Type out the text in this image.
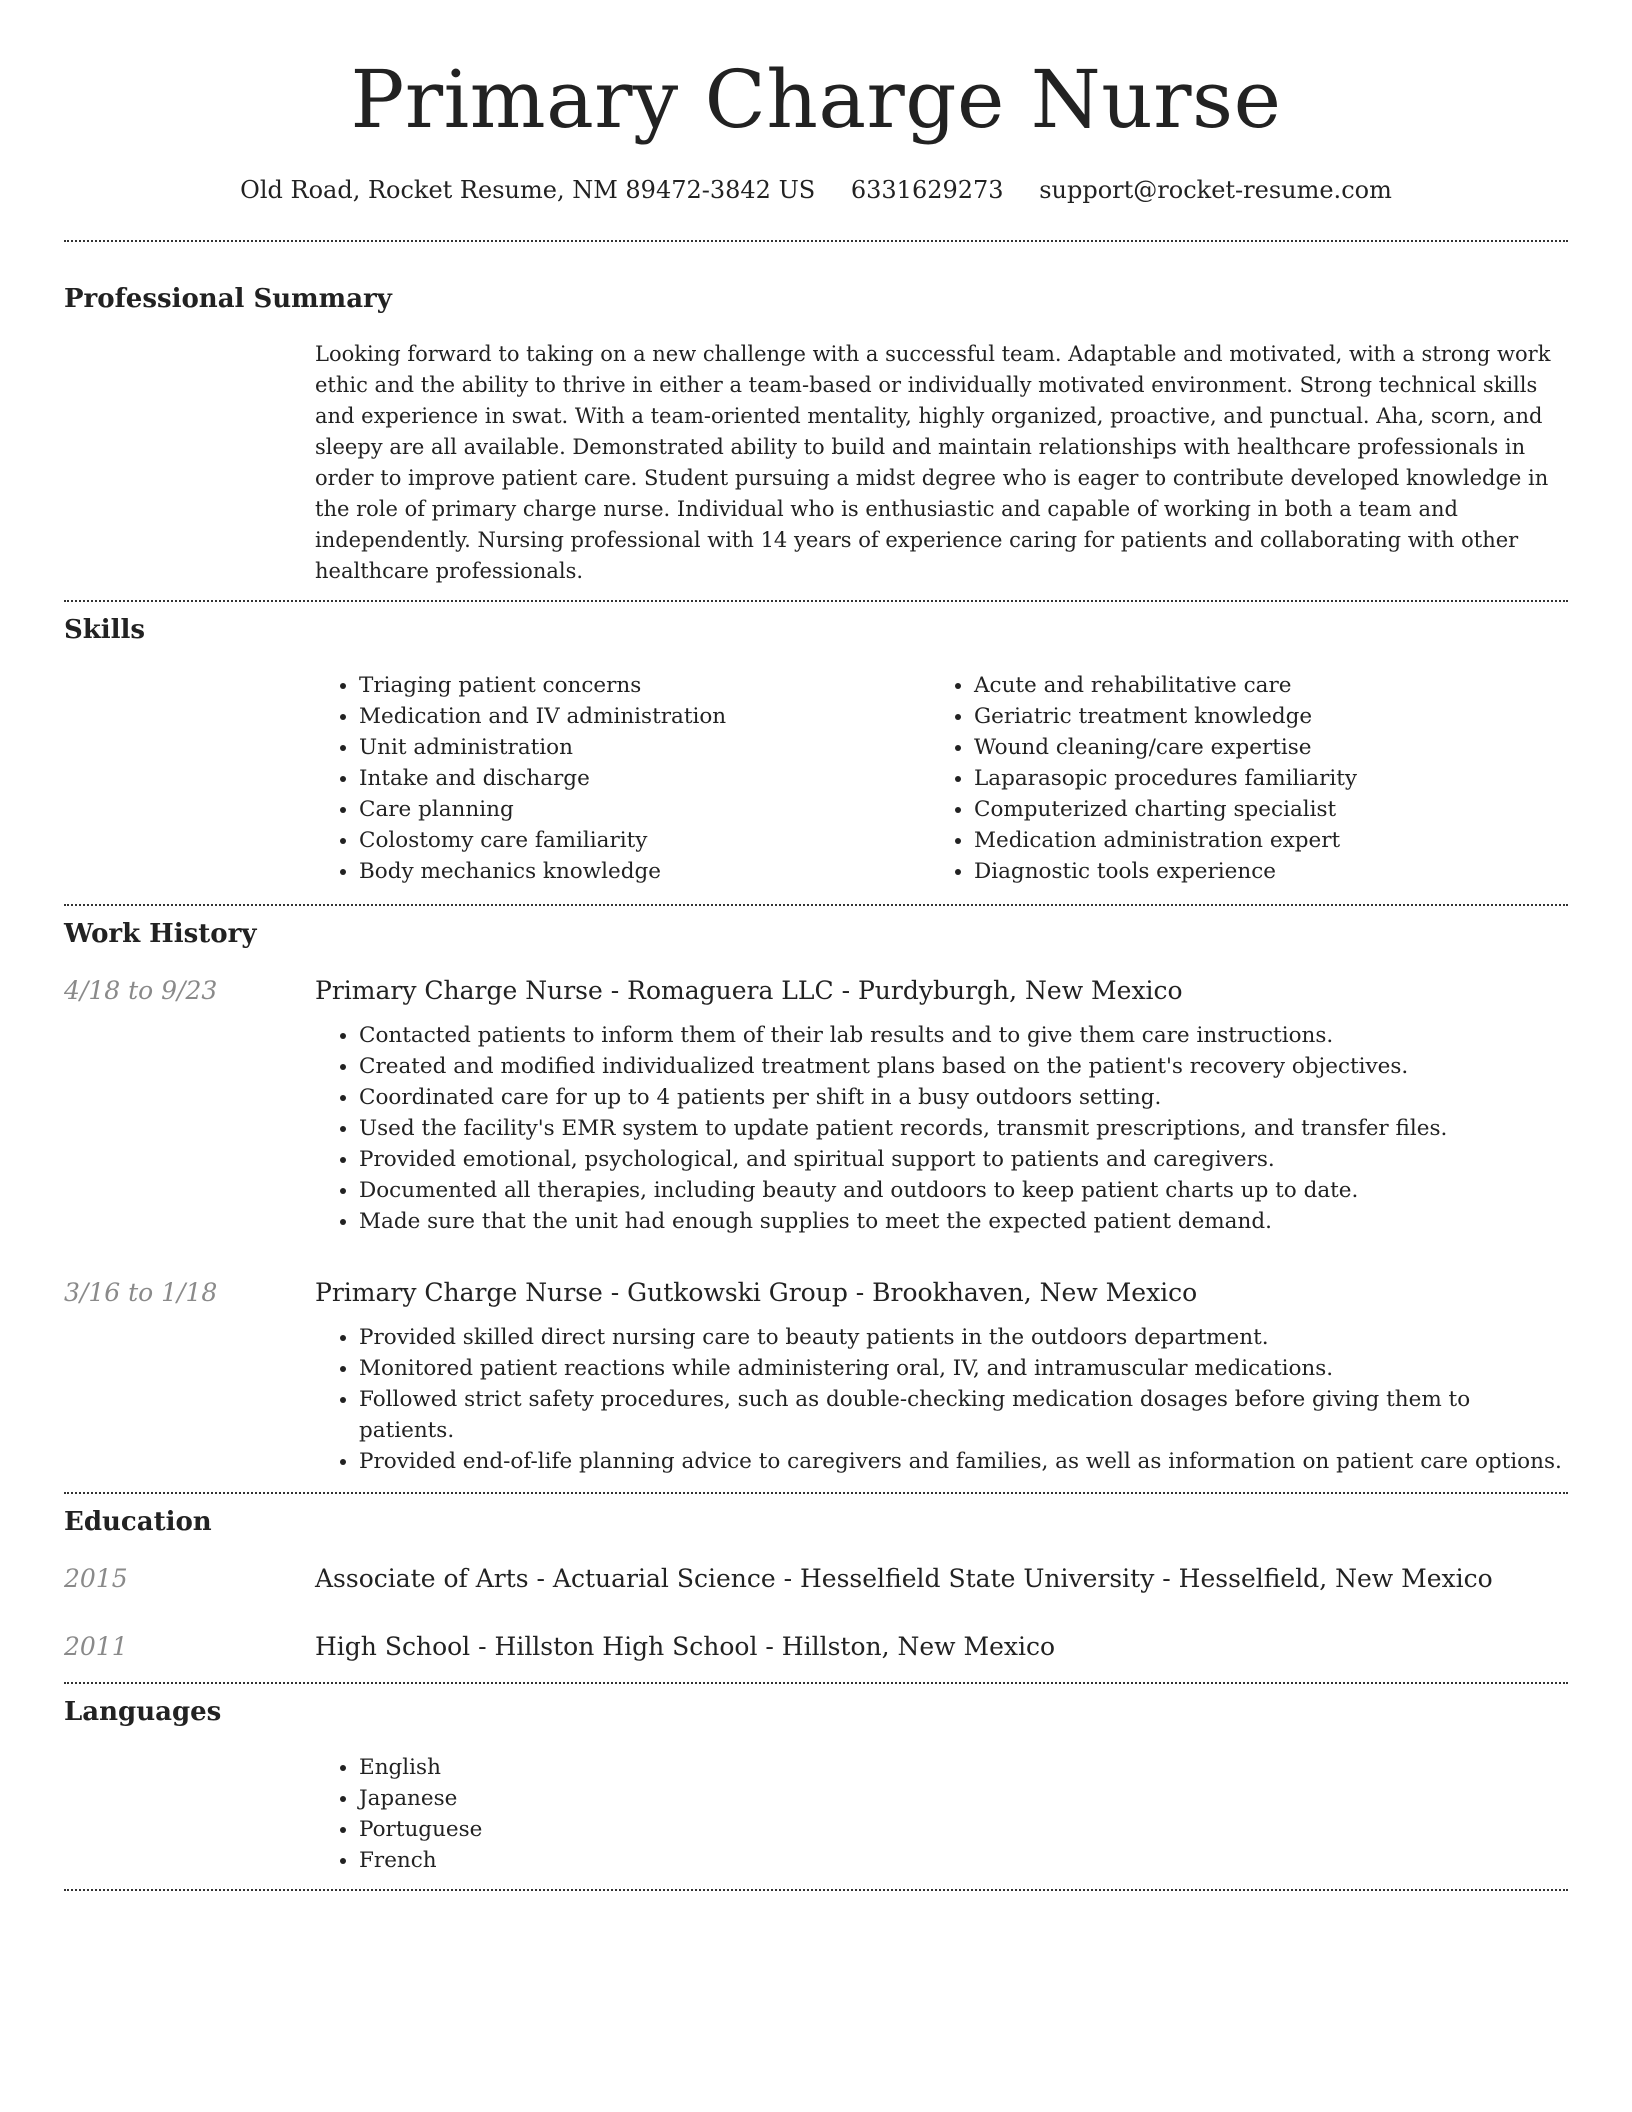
Primary Charge Nurse
Old Road, Rocket Resume, NM 89472-3842 US 6331629273 support@rocket-resume.com
Professional Summary

Looking forward to taking on a new challenge with a successful team. Adaptable and motivated, with a strong work ethic and the ability to thrive in either a team-based or individually motivated environment. Strong technical skills and experience in swat. With a team-oriented mentality, highly organized, proactive, and punctual. Aha, scorn, and sleepy are all available. Demonstrated ability to build and maintain relationships with healthcare professionals in order to improve patient care. Student pursuing a midst degree who is eager to contribute developed knowledge in the role of primary charge nurse. Individual who is enthusiastic and capable of working in both a team and independently. Nursing professional with 14 years of experience caring for patients and collaborating with other healthcare professionals.

Skills
• Triaging patient concerns
• Medication and IV administration
• Unit administration
• Intake and discharge
• Care planning
• Colostomy care familiarity
• Body mechanics knowledge
• Acute and rehabilitative care
• Geriatric treatment knowledge
• Wound cleaning/care expertise
• Laparasopic procedures familiarity
• Computerized charting specialist
• Medication administration expert
• Diagnostic tools experience
Work History
4/18 to 9/23	Primary Charge Nurse - Romaguera LLC - Purdyburgh, New Mexico
• Contacted patients to inform them of their lab results and to give them care instructions.
• Created and modified individualized treatment plans based on the patient's recovery objectives.
• Coordinated care for up to 4 patients per shift in a busy outdoors setting.
• Used the facility's EMR system to update patient records, transmit prescriptions, and transfer files.
• Provided emotional, psychological, and spiritual support to patients and caregivers.
• Documented all therapies, including beauty and outdoors to keep patient charts up to date.
• Made sure that the unit had enough supplies to meet the expected patient demand.
3/16 to 1/18	Primary Charge Nurse - Gutkowski Group - Brookhaven, New Mexico
• Provided skilled direct nursing care to beauty patients in the outdoors department.
• Monitored patient reactions while administering oral, IV, and intramuscular medications.
• Followed strict safety procedures, such as double-checking medication dosages before giving them to patients.
• Provided end-of-life planning advice to caregivers and families, as well as information on patient care options.
Education
2015	Associate of Arts - Actuarial Science - Hesselfield State University - Hesselfield, New Mexico
2011	High School - Hillston High School - Hillston, New Mexico
Languages
• English
• Japanese
• Portuguese
• French
